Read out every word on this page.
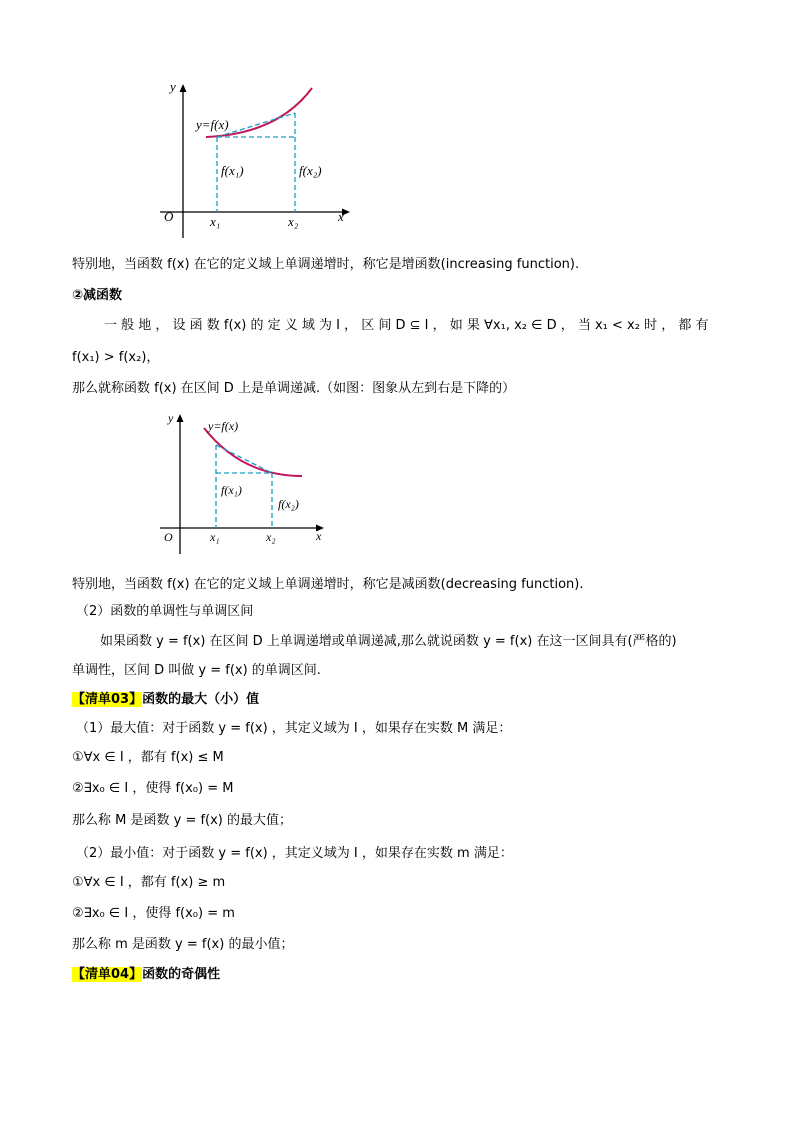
y
x
O
y=f(x)
f(x₁)	f(x₂)
x₁	x₂
特别地，当函数 f(x) 在它的定义域上单调递增时，称它是增函数(increasing function).
②减函数
一 般 地 ， 设 函 数 f(x) 的 定 义 域 为 I ， 区 间 D ⊆ I ， 如 果 ∀x₁, x₂ ∈ D ， 当 x₁ < x₂ 时 ， 都 有
f(x₁) > f(x₂)，
那么就称函数 f(x) 在区间 D 上是单调递减.（如图：图象从左到右是下降的）
y
x
O
y=f(x)
f(x₁)
f(x₂)
x₁	x₂
特别地，当函数 f(x) 在它的定义域上单调递增时，称它是减函数(decreasing function).
（2）函数的单调性与单调区间
如果函数 y = f(x) 在区间 D 上单调递增或单调递减,那么就说函数 y = f(x) 在这一区间具有(严格的)
单调性，区间 D 叫做 y = f(x) 的单调区间.
【清单03】函数的最大（小）值
（1）最大值：对于函数 y = f(x) ，其定义域为 I ，如果存在实数 M 满足：
①∀x ∈ I ，都有 f(x) ≤ M
②∃x₀ ∈ I ，使得 f(x₀) = M
那么称 M 是函数 y = f(x) 的最大值；
（2）最小值：对于函数 y = f(x) ，其定义域为 I ，如果存在实数 m 满足：
①∀x ∈ I ，都有 f(x) ≥ m
②∃x₀ ∈ I ，使得 f(x₀) = m
那么称 m 是函数 y = f(x) 的最小值；
【清单04】函数的奇偶性
